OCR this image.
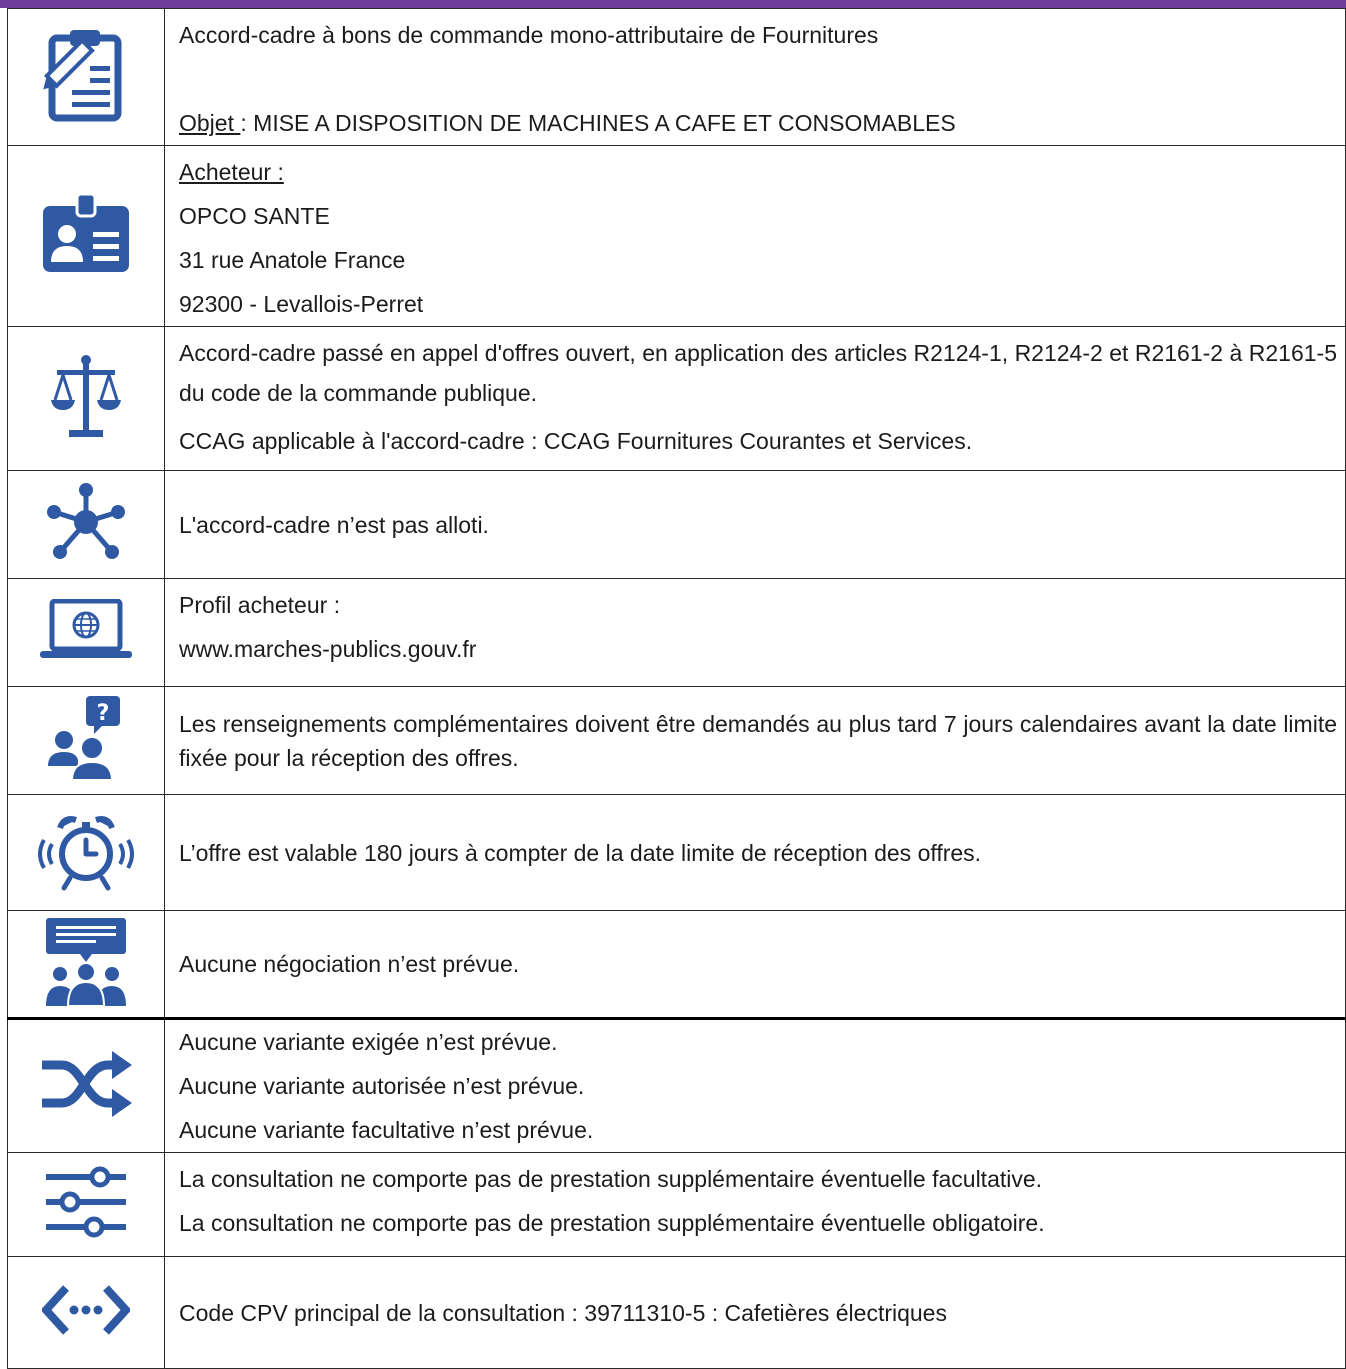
Accord-cadre à bons de commande mono-attributaire de Fournitures
Objet : MISE A DISPOSITION DE MACHINES A CAFE ET CONSOMABLES

Acheteur :
OPCO SANTE
31 rue Anatole France
92300 - Levallois-Perret

Accord-cadre passé en appel d'offres ouvert, en application des articles R2124-1, R2124-2 et R2161-2 à R2161-5 du code de la commande publique.
CCAG applicable à l'accord-cadre : CCAG Fournitures Courantes et Services.

L'accord-cadre n’est pas alloti.

Profil acheteur :
www.marches-publics.gouv.fr

?	Les renseignements complémentaires doivent être demandés au plus tard 7 jours calendaires avant la date limite fixée pour la réception des offres.

L’offre est valable 180 jours à compter de la date limite de réception des offres.

Aucune négociation n’est prévue.

Aucune variante exigée n’est prévue.
Aucune variante autorisée n’est prévue.
Aucune variante facultative n’est prévue.

La consultation ne comporte pas de prestation supplémentaire éventuelle facultative.
La consultation ne comporte pas de prestation supplémentaire éventuelle obligatoire.

Code CPV principal de la consultation : 39711310-5 : Cafetières électriques
